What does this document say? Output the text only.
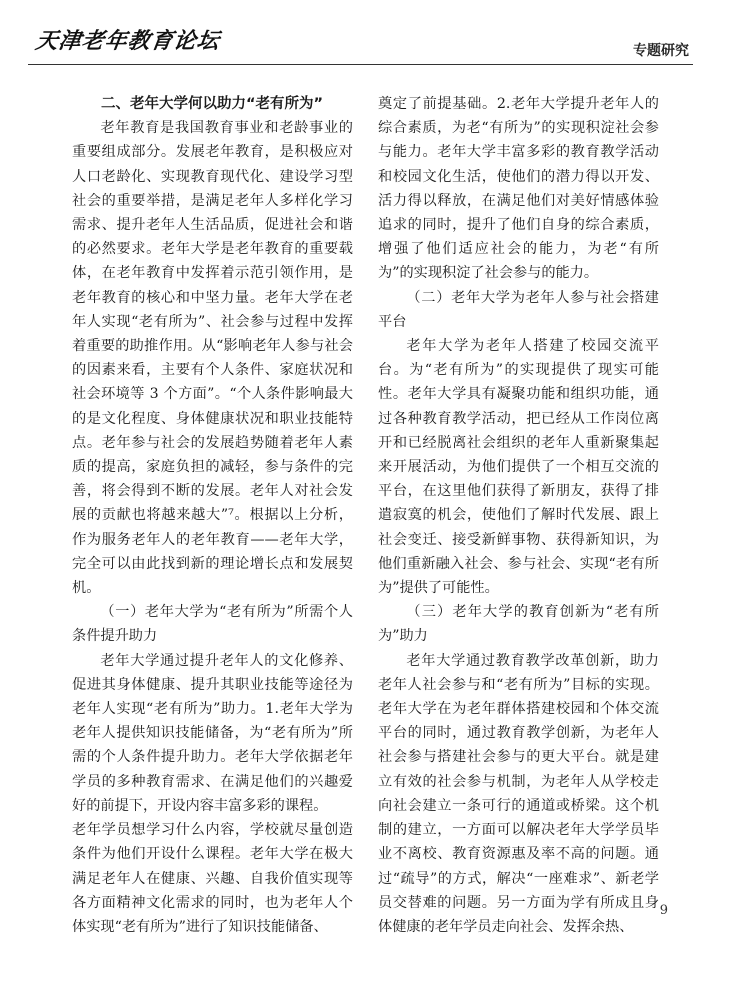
天津老年教育论坛	专题研究
二、老年大学何以助力“老有所为”

老年教育是我国教育事业和老龄事业的重要组成部分。发展老年教育，是积极应对人口老龄化、实现教育现代化、建设学习型社会的重要举措，是满足老年人多样化学习需求、提升老年人生活品质，促进社会和谐的必然要求。老年大学是老年教育的重要载体，在老年教育中发挥着示范引领作用，是老年教育的核心和中坚力量。老年大学在老年人实现“老有所为”、社会参与过程中发挥着重要的助推作用。从“影响老年人参与社会的因素来看，主要有个人条件、家庭状况和社会环境等 3 个方面”。“个人条件影响最大的是文化程度、身体健康状况和职业技能特点。老年参与社会的发展趋势随着老年人素质的提高，家庭负担的减轻，参与条件的完善，将会得到不断的发展。老年人对社会发展的贡献也将越来越大”⁷。根据以上分析，作为服务老年人的老年教育——老年大学，完全可以由此找到新的理论增长点和发展契机。

（一）老年大学为“老有所为”所需个人条件提升助力

老年大学通过提升老年人的文化修养、促进其身体健康、提升其职业技能等途径为老年人实现“老有所为”助力。1.老年大学为老年人提供知识技能储备，为“老有所为”所需的个人条件提升助力。老年大学依据老年学员的多种教育需求、在满足他们的兴趣爱好的前提下，开设内容丰富多彩的课程。

老年学员想学习什么内容，学校就尽量创造条件为他们开设什么课程。老年大学在极大满足老年人在健康、兴趣、自我价值实现等各方面精神文化需求的同时，也为老年人个体实现“老有所为”进行了知识技能储备、

奠定了前提基础。2.老年大学提升老年人的综合素质，为老“有所为”的实现积淀社会参与能力。老年大学丰富多彩的教育教学活动和校园文化生活，使他们的潜力得以开发、活力得以释放，在满足他们对美好情感体验追求的同时，提升了他们自身的综合素质，增强了他们适应社会的能力，为老“有所为”的实现积淀了社会参与的能力。

（二）老年大学为老年人参与社会搭建平台

老年大学为老年人搭建了校园交流平台。为“老有所为”的实现提供了现实可能性。老年大学具有凝聚功能和组织功能，通过各种教育教学活动，把已经从工作岗位离开和已经脱离社会组织的老年人重新聚集起来开展活动，为他们提供了一个相互交流的平台，在这里他们获得了新朋友，获得了排遣寂寞的机会，使他们了解时代发展、跟上社会变迁、接受新鲜事物、获得新知识，为他们重新融入社会、参与社会、实现“老有所为”提供了可能性。

（三）老年大学的教育创新为“老有所为”助力

老年大学通过教育教学改革创新，助力老年人社会参与和“老有所为”目标的实现。老年大学在为老年群体搭建校园和个体交流平台的同时，通过教育教学创新，为老年人社会参与搭建社会参与的更大平台。就是建立有效的社会参与机制，为老年人从学校走向社会建立一条可行的通道或桥梁。这个机制的建立，一方面可以解决老年大学学员毕业不离校、教育资源惠及率不高的问题。通过“疏导”的方式，解决“一座难求”、新老学员交替难的问题。另一方面为学有所成且身体健康的老年学员走向社会、发挥余热、

9
